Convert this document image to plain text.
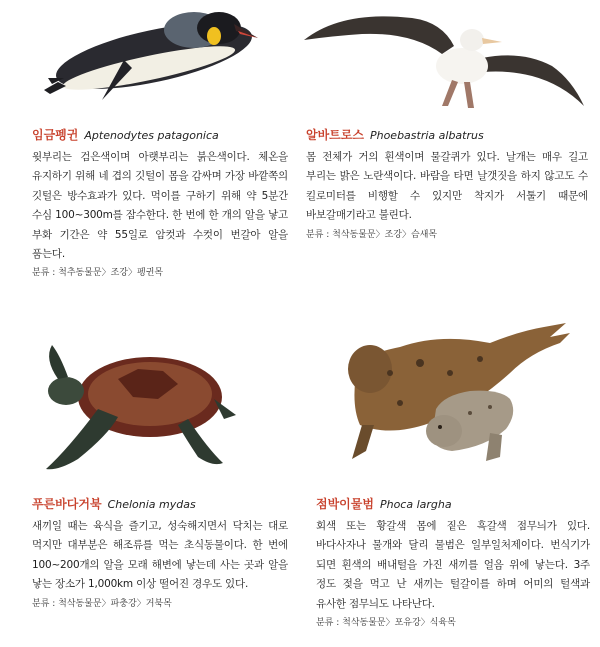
임금펭귄 Aptenodytes patagonica
윗부리는 검은색이며 아랫부리는 붉은색이다. 체온을 유지하기 위해 네 겹의 깃털이 몸을 감싸며 가장 바깥쪽의 깃털은 방수효과가 있다. 먹이를 구하기 위해 약 5분간 수심 100~300m를 잠수한다. 한 번에 한 개의 알을 낳고 부화 기간은 약 55일로 암컷과 수컷이 번갈아 알을 품는다.
분류 : 척추동물문〉조강〉펭귄목
알바트로스 Phoebastria albatrus
몸 전체가 거의 흰색이며 물갈퀴가 있다. 날개는 매우 길고 부리는 밝은 노란색이다. 바람을 타면 날갯짓을 하지 않고도 수 킬로미터를 비행할 수 있지만 착지가 서툴기 때문에 바보갈매기라고 불린다.
분류 : 척삭동물문〉조강〉슴새목
푸른바다거북 Chelonia mydas
새끼일 때는 육식을 즐기고, 성숙해지면서 닥치는 대로 먹지만 대부분은 해조류를 먹는 초식동물이다. 한 번에 100~200개의 알을 모래 해변에 낳는데 사는 곳과 알을 낳는 장소가 1,000km 이상 떨어진 경우도 있다.
분류 : 척삭동물문〉파충강〉거북목
점박이물범 Phoca largha
회색 또는 황갈색 몸에 짙은 흑갈색 점무늬가 있다. 바다사자나 물개와 달리 물범은 일부일처제이다. 번식기가 되면 흰색의 배내털을 가진 새끼를 얼음 위에 낳는다. 3주 정도 젖을 먹고 난 새끼는 털갈이를 하며 어미의 털색과 유사한 점무늬도 나타난다.
분류 : 척삭동물문〉포유강〉식육목
